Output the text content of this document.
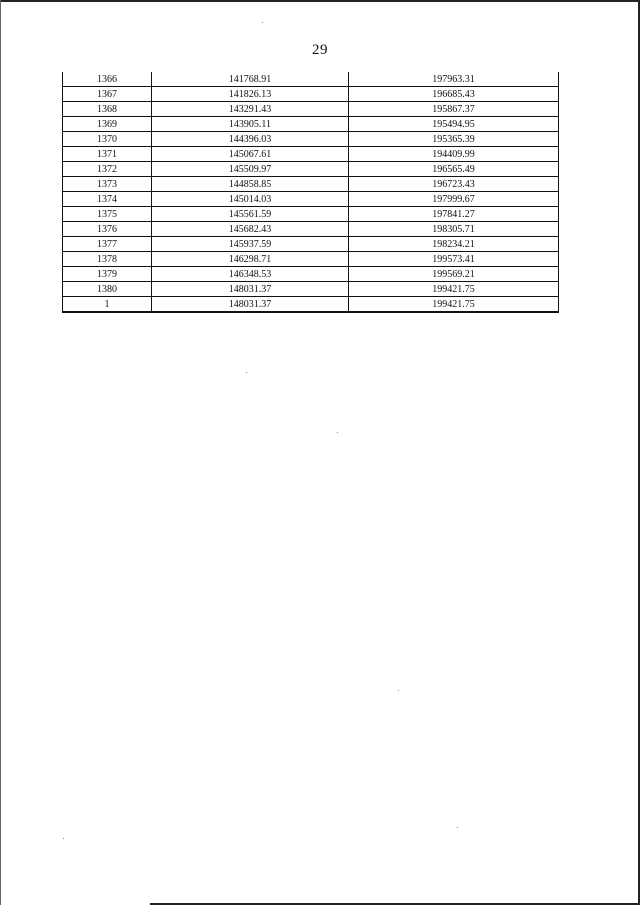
29
1366	141768.91	197963.31
1367	141826.13	196685.43
1368	143291.43	195867.37
1369	143905.11	195494.95
1370	144396.03	195365.39
1371	145067.61	194409.99
1372	145509.97	196565.49
1373	144858.85	196723.43
1374	145014.03	197999.67
1375	145561.59	197841.27
1376	145682.43	198305.71
1377	145937.59	198234.21
1378	146298.71	199573.41
1379	146348.53	199569.21
1380	148031.37	199421.75
1	148031.37	199421.75
